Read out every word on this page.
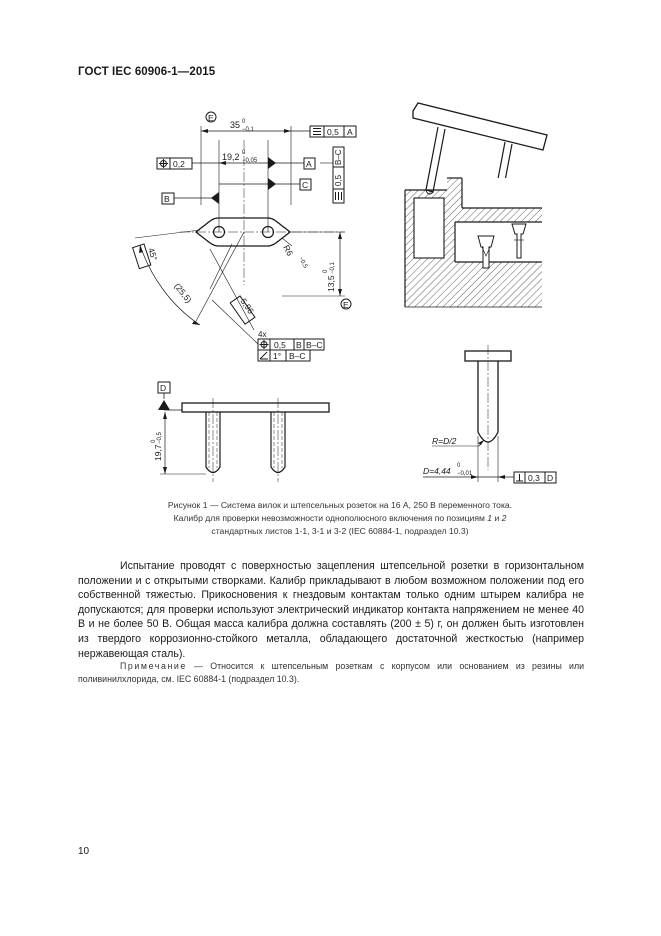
ГОСТ IEC 60906-1—2015
E
E
35 0
−0,1	0,5 A
19,2 0
−0,05	A
0,2
C
B
B–C
0,5
R6
−0,5
13,5
0 −0,1
45°
(25,5)
5,96
4x
0,5 B B–C
1° B–C
D
19,7
0 −0,5	R=D/2
D=4,44 0
−0,01	0,3 D
Рисунок 1 — Система вилок и штепсельных розеток на 16 А, 250 В переменного тока.
Калибр для проверки невозможности однополюсного включения по позициям 1 и 2
стандартных листов 1-1, 3-1 и 3-2 (IEC 60884-1, подраздел 10.3)

Испытание проводят с поверхностью зацепления штепсельной розетки в горизонтальном положении и с открытыми створками. Калибр прикладывают в любом возможном положении под его собственной тяжестью. Прикосновения к гнездовым контактам только одним штырем калибра не допускаются; для проверки используют электрический индикатор контакта напряжением не менее 40 В и не более 50 В. Общая масса калибра должна составлять (200 ± 5) г, он должен быть изготовлен из твердого коррозионно-стойкого металла, обладающего достаточной жесткостью (например нержавеющая сталь).

Примечание — Относится к штепсельным розеткам с корпусом или основанием из резины или поливинилхлорида, см. IEC 60884-1 (подраздел 10.3).

10
